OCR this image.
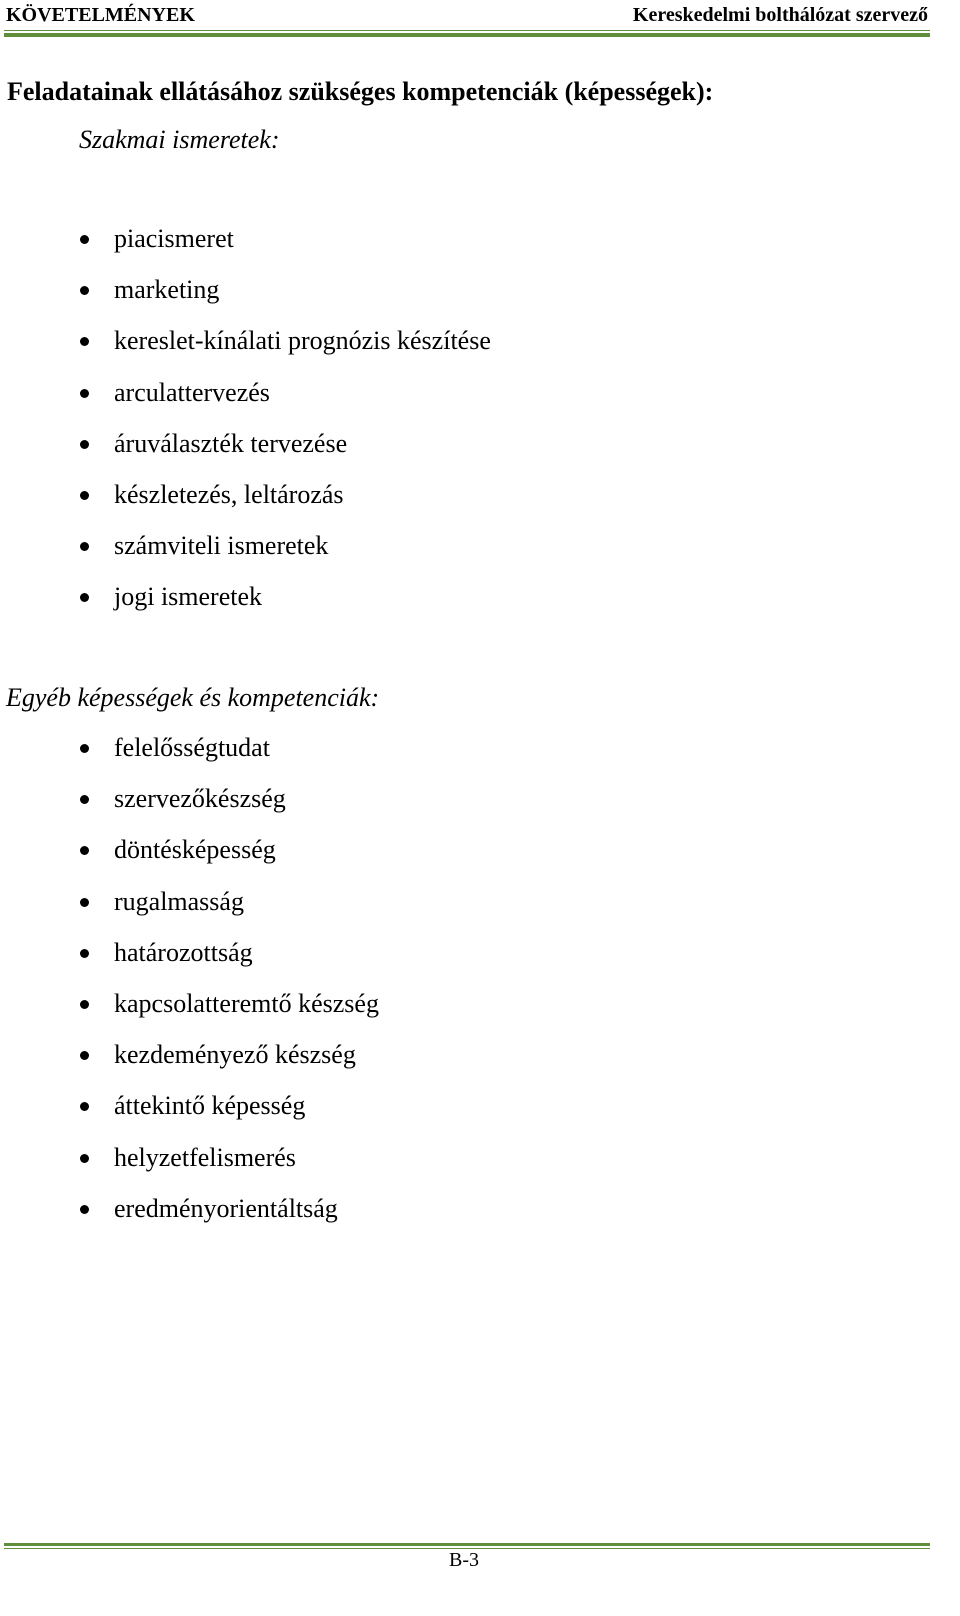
KÖVETELMÉNYEK	Kereskedelmi bolthálózat szervező
Feladatainak ellátásához szükséges kompetenciák (képességek):
Szakmai ismeretek:
piacismeret
marketing
kereslet-kínálati prognózis készítése
arculattervezés
áruválaszték tervezése
készletezés, leltározás
számviteli ismeretek
jogi ismeretek
Egyéb képességek és kompetenciák:
felelősségtudat
szervezőkészség
döntésképesség
rugalmasság
határozottság
kapcsolatteremtő készség
kezdeményező készség
áttekintő képesség
helyzetfelismerés
eredményorientáltság
B-3
